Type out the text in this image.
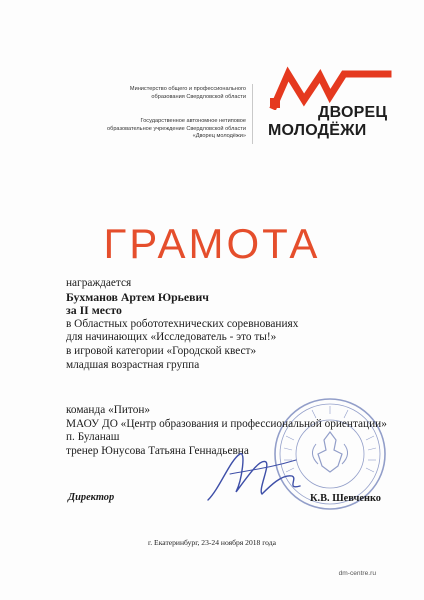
Министерство общего и профессионального
образования Свердловской области
Государственное автономное нетиповое
образовательное учреждение Свердловской области
«Дворец молодёжи»
ДВОРЕЦ
МОЛОДЁЖИ
ГРАМОТА
награждается
Бухманов Артем Юрьевич
за II место
в Областных робототехнических соревнованиях
для начинающих «Исследователь - это ты!»
в игровой категории «Городской квест»
младшая возрастная группа
команда «Питон»
МАОУ ДО «Центр образования и профессиональной ориентации»
п. Буланаш
тренер Юнусова Татьяна Геннадьевна
Директор	К.В. Шевченко
г. Екатеринбург, 23-24 ноября 2018 года
dm-centre.ru
